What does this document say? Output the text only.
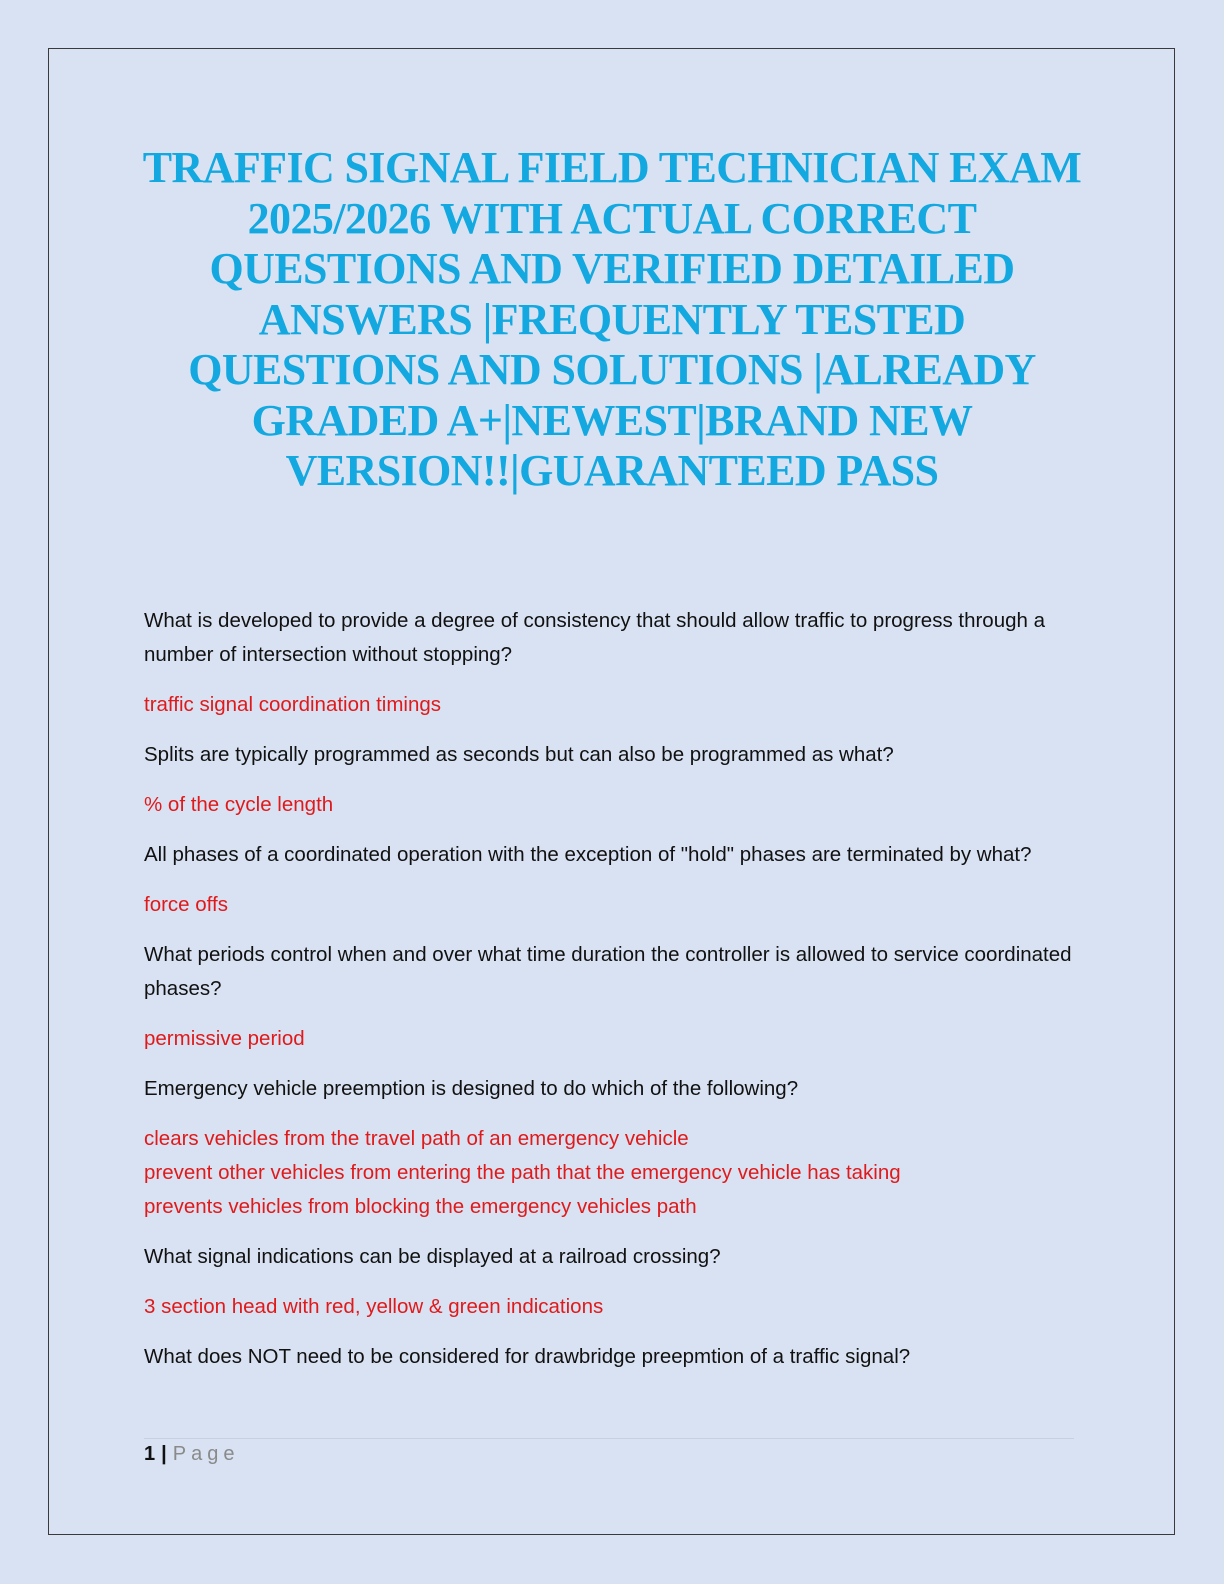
TRAFFIC SIGNAL FIELD TECHNICIAN EXAM
2025/2026 WITH ACTUAL CORRECT
QUESTIONS AND VERIFIED DETAILED
ANSWERS |FREQUENTLY TESTED
QUESTIONS AND SOLUTIONS |ALREADY
GRADED A+|NEWEST|BRAND NEW
VERSION!!|GUARANTEED PASS

What is developed to provide a degree of consistency that should allow traffic to progress through a number of intersection without stopping?

traffic signal coordination timings

Splits are typically programmed as seconds but can also be programmed as what?

% of the cycle length

All phases of a coordinated operation with the exception of "hold" phases are terminated by what?

force offs

What periods control when and over what time duration the controller is allowed to service coordinated phases?

permissive period

Emergency vehicle preemption is designed to do which of the following?

clears vehicles from the travel path of an emergency vehicle
prevent other vehicles from entering the path that the emergency vehicle has taking
prevents vehicles from blocking the emergency vehicles path

What signal indications can be displayed at a railroad crossing?

3 section head with red, yellow & green indications

What does NOT need to be considered for drawbridge preepmtion of a traffic signal?

1 | Page
